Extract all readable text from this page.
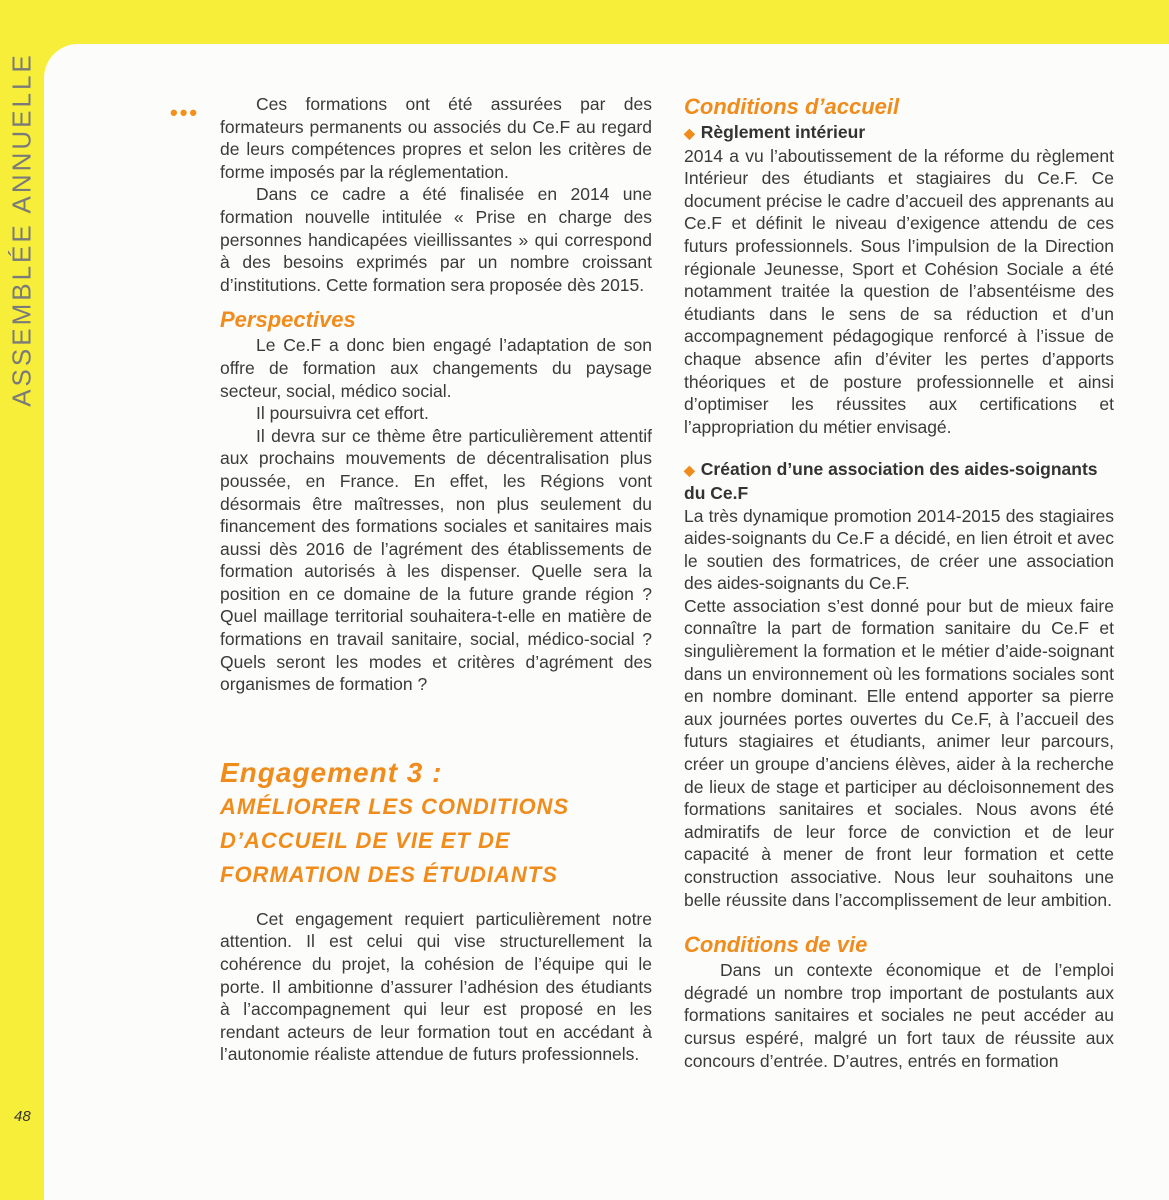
ASSEMBLÉE ANNUELLE
48
•••	Ces formations ont été assurées par des formateurs permanents ou associés du Ce.F au regard de leurs compétences propres et selon les critères de forme imposés par la réglementation.

Dans ce cadre a été finalisée en 2014 une formation nouvelle intitulée « Prise en charge des personnes handicapées vieillissantes » qui correspond à des besoins exprimés par un nombre croissant d’institutions. Cette formation sera proposée dès 2015.

Perspectives

Le Ce.F a donc bien engagé l’adaptation de son offre de formation aux changements du paysage secteur, social, médico social.

Il poursuivra cet effort.

Il devra sur ce thème être particulièrement attentif aux prochains mouvements de décentralisation plus poussée, en France. En effet, les Régions vont désormais être maîtresses, non plus seulement du financement des formations sociales et sanitaires mais aussi dès 2016 de l’agrément des établissements de formation autorisés à les dispenser. Quelle sera la position en ce domaine de la future grande région ? Quel maillage territorial souhaitera-t-elle en matière de formations en travail sanitaire, social, médico-social ? Quels seront les modes et critères d’agrément des organismes de formation ?

Engagement 3 :
AMÉLIORER LES CONDITIONS D’ACCUEIL DE VIE ET DE FORMATION DES ÉTUDIANTS

Cet engagement requiert particulièrement notre attention. Il est celui qui vise structurellement la cohérence du projet, la cohésion de l’équipe qui le porte. Il ambitionne d’assurer l’adhésion des étudiants à l’accompagnement qui leur est proposé en les rendant acteurs de leur formation tout en accédant à l’autonomie réaliste attendue de futurs professionnels.

Conditions d’accueil

◆ Règlement intérieur

2014 a vu l’aboutissement de la réforme du règlement Intérieur des étudiants et stagiaires du Ce.F. Ce document précise le cadre d’accueil des apprenants au Ce.F et définit le niveau d’exigence attendu de ces futurs professionnels. Sous l’impulsion de la Direction régionale Jeunesse, Sport et Cohésion Sociale a été notamment traitée la question de l’absentéisme des étudiants dans le sens de sa réduction et d’un accompagnement pédagogique renforcé à l’issue de chaque absence afin d’éviter les pertes d’apports théoriques et de posture professionnelle et ainsi d’optimiser les réussites aux certifications et l’appropriation du métier envisagé.

◆ Création d’une association des aides-soignants du Ce.F

La très dynamique promotion 2014-2015 des stagiaires aides-soignants du Ce.F a décidé, en lien étroit et avec le soutien des formatrices, de créer une association des aides-soignants du Ce.F.

Cette association s’est donné pour but de mieux faire connaître la part de formation sanitaire du Ce.F et singulièrement la formation et le métier d’aide-soignant dans un environnement où les formations sociales sont en nombre dominant. Elle entend apporter sa pierre aux journées portes ouvertes du Ce.F, à l’accueil des futurs stagiaires et étudiants, animer leur parcours, créer un groupe d’anciens élèves, aider à la recherche de lieux de stage et participer au décloisonnement des formations sanitaires et sociales. Nous avons été admiratifs de leur force de conviction et de leur capacité à mener de front leur formation et cette construction associative. Nous leur souhaitons une belle réussite dans l’accomplissement de leur ambition.

Conditions de vie

Dans un contexte économique et de l’emploi dégradé un nombre trop important de postulants aux formations sanitaires et sociales ne peut accéder au cursus espéré, malgré un fort taux de réussite aux concours d’entrée. D’autres, entrés en formation
